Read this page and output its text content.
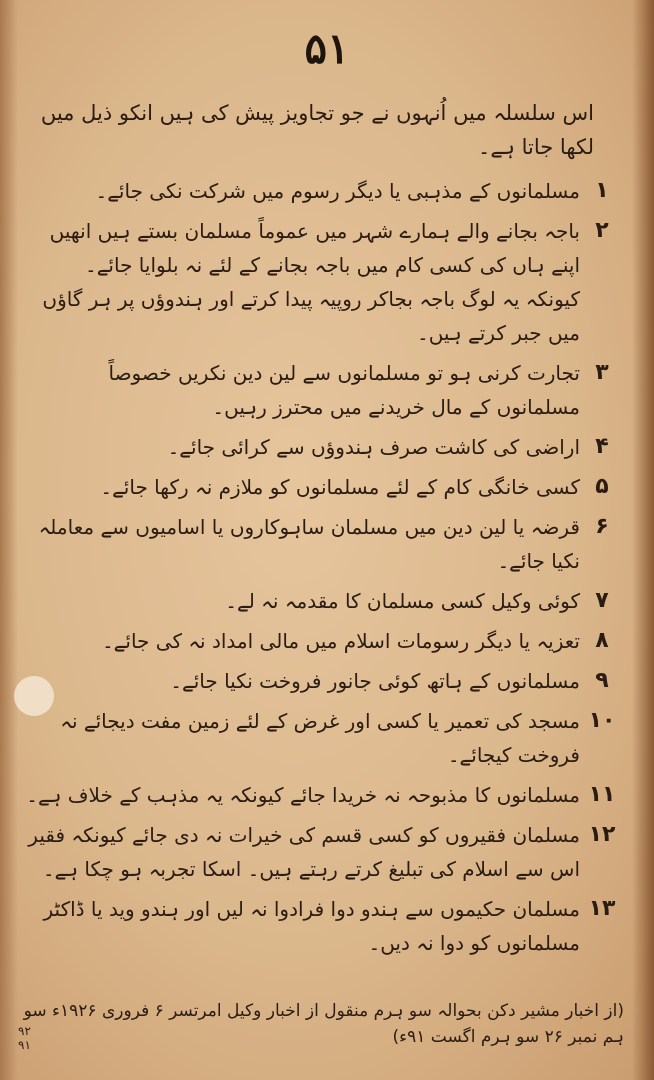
۵۱
اس سلسلہ میں اُنہوں نے جو تجاویز پیش کی ہیں انکو ذیل میں لکھا جاتا ہے۔
۱
مسلمانوں کے مذہبی یا دیگر رسوم میں شرکت نکی جائے۔
۲
باجہ بجانے والے ہمارے شہر میں عموماً مسلمان بستے ہیں انھیں اپنے ہاں کی کسی کام میں باجہ بجانے کے لئے نہ بلوایا جائے۔ کیونکہ یہ لوگ باجہ بجاکر روپیہ پیدا کرتے اور ہندوؤں پر ہر گاؤں میں جبر کرتے ہیں۔
۳
تجارت کرنی ہو تو مسلمانوں سے لین دین نکریں خصوصاً مسلمانوں کے مال خریدنے میں محترز رہیں۔
۴
اراضی کی کاشت صرف ہندوؤں سے کرائی جائے۔
۵
کسی خانگی کام کے لئے مسلمانوں کو ملازم نہ رکھا جائے۔
۶
قرضہ یا لین دین میں مسلمان ساہوکاروں یا اسامیوں سے معاملہ نکیا جائے۔
۷
کوئی وکیل کسی مسلمان کا مقدمہ نہ لے۔
۸
تعزیہ یا دیگر رسومات اسلام میں مالی امداد نہ کی جائے۔
۹
مسلمانوں کے ہاتھ کوئی جانور فروخت نکیا جائے۔
۱۰
مسجد کی تعمیر یا کسی اور غرض کے لئے زمین مفت دیجائے نہ فروخت کیجائے۔
۱۱
مسلمانوں کا مذبوحہ نہ خریدا جائے کیونکہ یہ مذہب کے خلاف ہے۔
۱۲
مسلمان فقیروں کو کسی قسم کی خیرات نہ دی جائے کیونکہ فقیر اس سے اسلام کی تبلیغ کرتے رہتے ہیں۔ اسکا تجربہ ہو چکا ہے۔
۱۳
مسلمان حکیموں سے ہندو دوا فرادوا نہ لیں اور ہندو وید یا ڈاکٹر مسلمانوں کو دوا نہ دیں۔
(از اخبار مشیر دکن بحوالہ سو ہرم منقول از اخبار وکیل امرتسر ۶ فروری ۱۹۲۶ء سو ہم نمبر ۲۶ سو ہرم اگست ۹۱ء)
۹۲
۹۱
